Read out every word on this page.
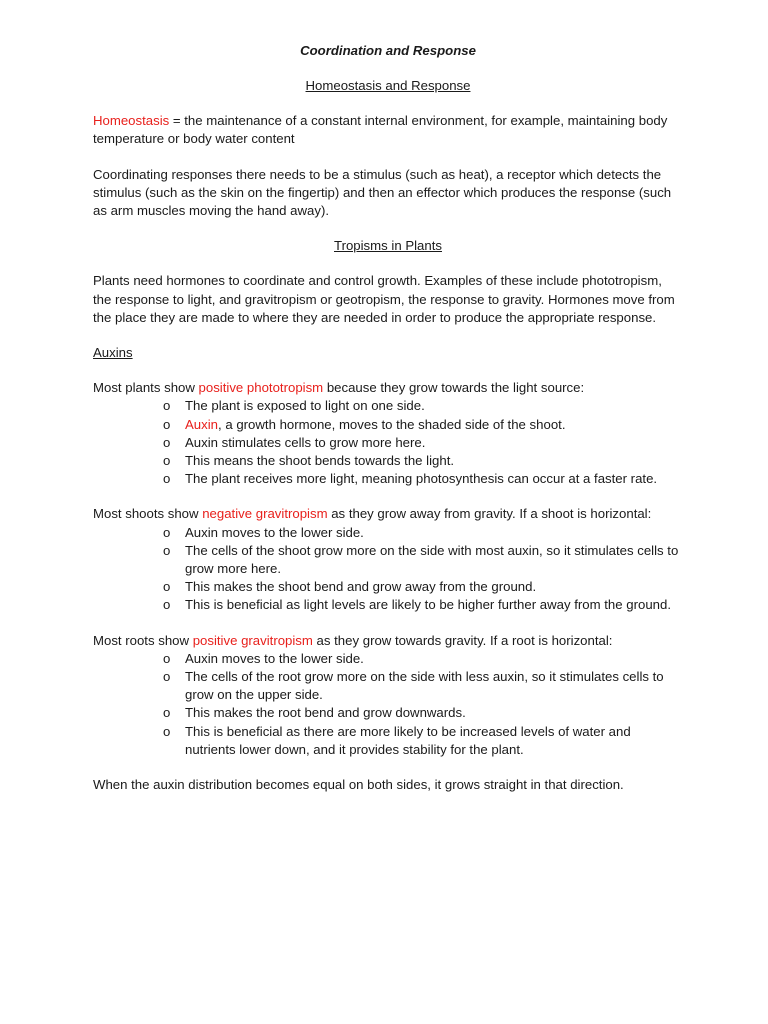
Coordination and Response

Homeostasis and Response

Homeostasis = the maintenance of a constant internal environment, for example, maintaining body temperature or body water content

Coordinating responses there needs to be a stimulus (such as heat), a receptor which detects the stimulus (such as the skin on the fingertip) and then an effector which produces the response (such as arm muscles moving the hand away).

Tropisms in Plants

Plants need hormones to coordinate and control growth. Examples of these include phototropism, the response to light, and gravitropism or geotropism, the response to gravity. Hormones move from the place they are made to where they are needed in order to produce the appropriate response.

Auxins

Most plants show positive phototropism because they grow towards the light source:

o	The plant is exposed to light on one side.
o	Auxin, a growth hormone, moves to the shaded side of the shoot.
o	Auxin stimulates cells to grow more here.
o	This means the shoot bends towards the light.
o	The plant receives more light, meaning photosynthesis can occur at a faster rate.

Most shoots show negative gravitropism as they grow away from gravity. If a shoot is horizontal:

o	Auxin moves to the lower side.
o	The cells of the shoot grow more on the side with most auxin, so it stimulates cells to grow more here.
o	This makes the shoot bend and grow away from the ground.
o	This is beneficial as light levels are likely to be higher further away from the ground.

Most roots show positive gravitropism as they grow towards gravity. If a root is horizontal:

o	Auxin moves to the lower side.
o	The cells of the root grow more on the side with less auxin, so it stimulates cells to grow on the upper side.
o	This makes the root bend and grow downwards.
o	This is beneficial as there are more likely to be increased levels of water and nutrients lower down, and it provides stability for the plant.

When the auxin distribution becomes equal on both sides, it grows straight in that direction.
